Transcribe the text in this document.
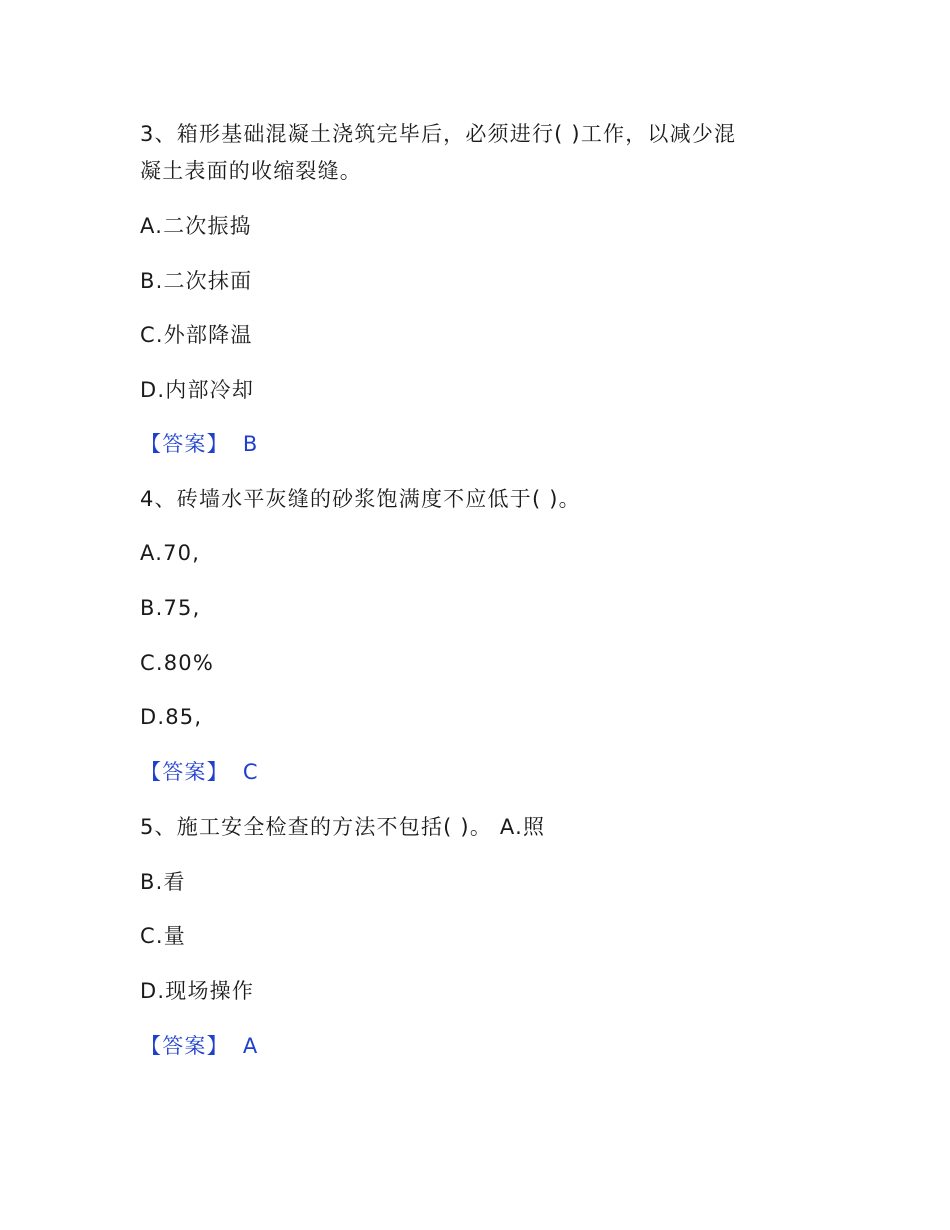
3、箱形基础混凝土浇筑完毕后，必须进行( )工作，以减少混
凝土表面的收缩裂缝。
A.二次振捣
B.二次抹面
C.外部降温
D.内部冷却
【答案】 B
4、砖墙水平灰缝的砂浆饱满度不应低于( )。
A.70,
B.75,
C.80%
D.85,
【答案】 C
5、施工安全检查的方法不包括( )。 A.照
B.看
C.量
D.现场操作
【答案】 A
